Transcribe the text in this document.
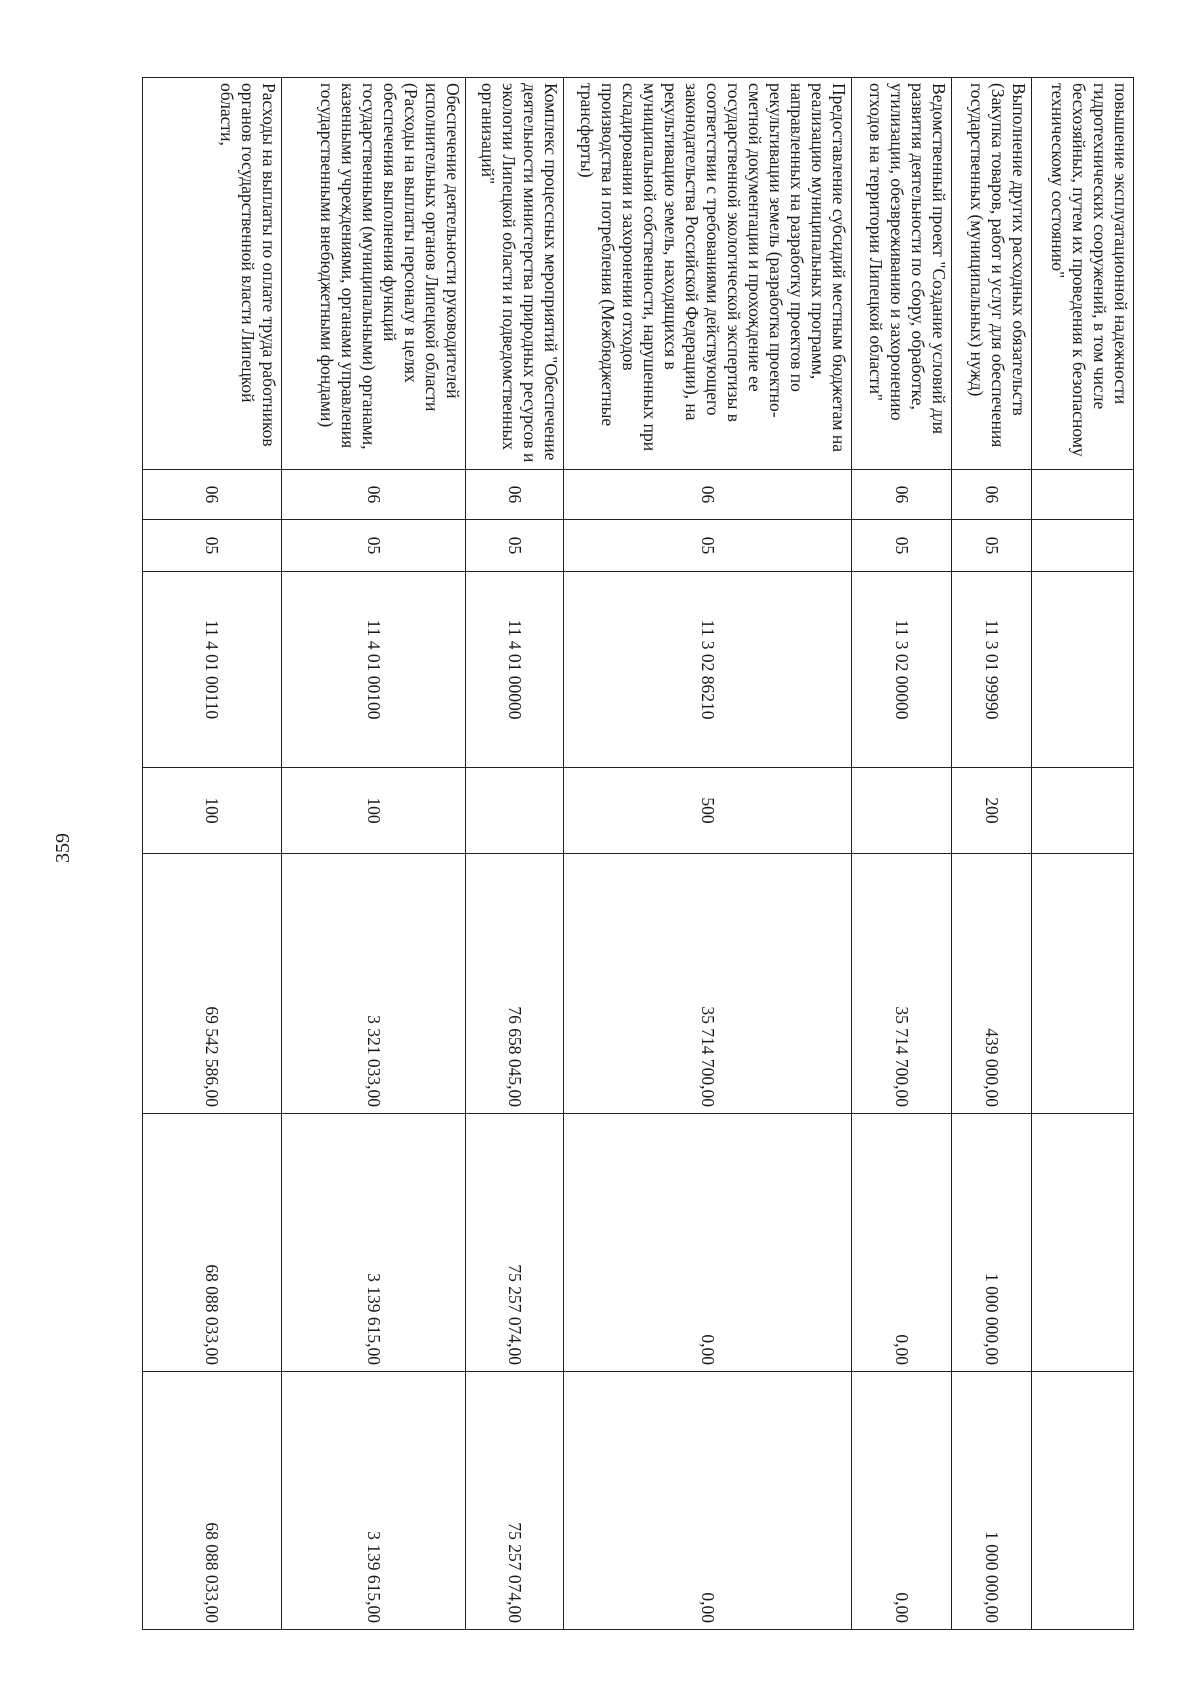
359
повышение эксплуатационной надежности гидротехнических сооружений, в том числе бесхозяйных, путем их проведения к безопасному техническому состоянию"							
Выполнение других расходных обязательств (Закупка товаров, работ и услуг для обеспечения государственных (муниципальных) нужд)	06	05	11 3 01 99990	200	439 000,00	1 000 000,00	1 000 000,00
Ведомственный проект "Создание условий для развития деятельности по сбору, обработке, утилизации, обезвреживанию и захоронению отходов на территории Липецкой области"	06	05	11 3 02 00000		35 714 700,00	0,00	0,00
Предоставление субсидий местным бюджетам на реализацию муниципальных программ, направленных на разработку проектов по рекультивации земель (разработка проектно-сметной документации и прохождение ее государственной экологической экспертизы в соответствии с требованиями действующего законодательства Российской Федерации), на рекультивацию земель, находящихся в муниципальной собственности, нарушенных при складировании и захоронении отходов производства и потребления (Межбюджетные трансферты)	06	05	11 3 02 86210	500	35 714 700,00	0,00	0,00
Комплекс процессных мероприятий "Обеспечение деятельности министерства природных ресурсов и экологии Липецкой области и подведомственных организаций"	06	05	11 4 01 00000		76 658 045,00	75 257 074,00	75 257 074,00
Обеспечение деятельности руководителей исполнительных органов Липецкой области (Расходы на выплаты персоналу в целях обеспечения выполнения функций государственными (муниципальными) органами, казенными учреждениями, органами управления государственными внебюджетными фондами)	06	05	11 4 01 00100	100	3 321 033,00	3 139 615,00	3 139 615,00
Расходы на выплаты по оплате труда работников органов государственной власти Липецкой области,	06	05	11 4 01 00110	100	69 542 586,00	68 088 033,00	68 088 033,00
